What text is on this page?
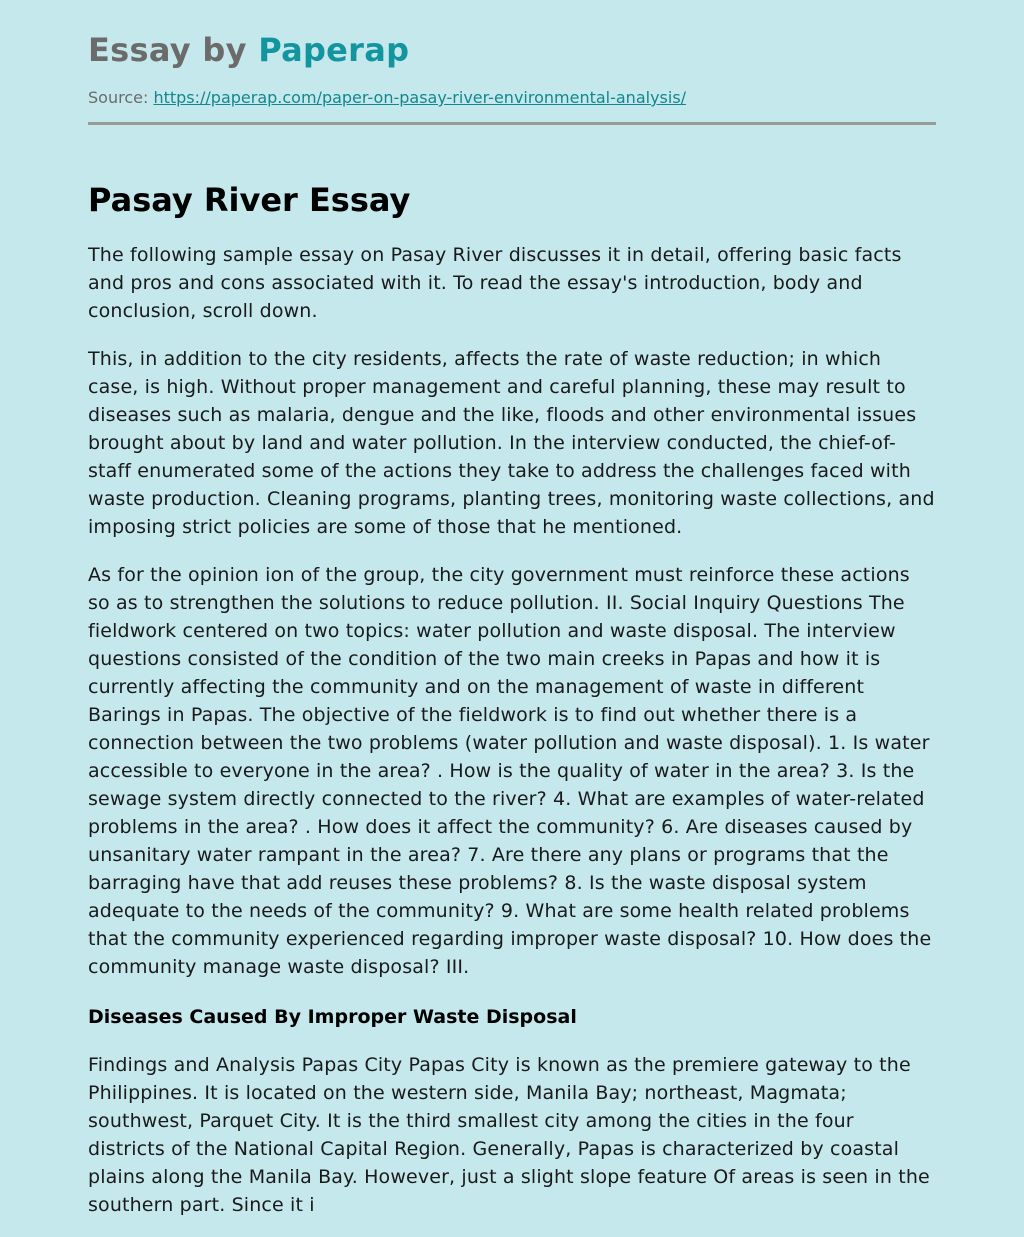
Essay by Paperap
Source: https://paperap.com/paper-on-pasay-river-environmental-analysis/
Pasay River Essay

The following sample essay on Pasay River discusses it in detail, offering basic facts and pros and cons associated with it. To read the essay's introduction, body and conclusion, scroll down.

This, in addition to the city residents, affects the rate of waste reduction; in which case, is high. Without proper management and careful planning, these may result to diseases such as malaria, dengue and the like, floods and other environmental issues brought about by land and water pollution. In the interview conducted, the chief-of-staff enumerated some of the actions they take to address the challenges faced with waste production. Cleaning programs, planting trees, monitoring waste collections, and imposing strict policies are some of those that he mentioned.

As for the opinion ion of the group, the city government must reinforce these actions so as to strengthen the solutions to reduce pollution. II. Social Inquiry Questions The fieldwork centered on two topics: water pollution and waste disposal. The interview questions consisted of the condition of the two main creeks in Papas and how it is currently affecting the community and on the management of waste in different Barings in Papas. The objective of the fieldwork is to find out whether there is a connection between the two problems (water pollution and waste disposal). 1. Is water accessible to everyone in the area? . How is the quality of water in the area? 3. Is the sewage system directly connected to the river? 4. What are examples of water-related problems in the area? . How does it affect the community? 6. Are diseases caused by unsanitary water rampant in the area? 7. Are there any plans or programs that the barraging have that add reuses these problems? 8. Is the waste disposal system adequate to the needs of the community? 9. What are some health related problems that the community experienced regarding improper waste disposal? 10. How does the community manage waste disposal? III.

Diseases Caused By Improper Waste Disposal

Findings and Analysis Papas City Papas City is known as the premiere gateway to the Philippines. It is located on the western side, Manila Bay; northeast, Magmata; southwest, Parquet City. It is the third smallest city among the cities in the four districts of the National Capital Region. Generally, Papas is characterized by coastal plains along the Manila Bay. However, just a slight slope feature Of areas is seen in the southern part. Since it i
